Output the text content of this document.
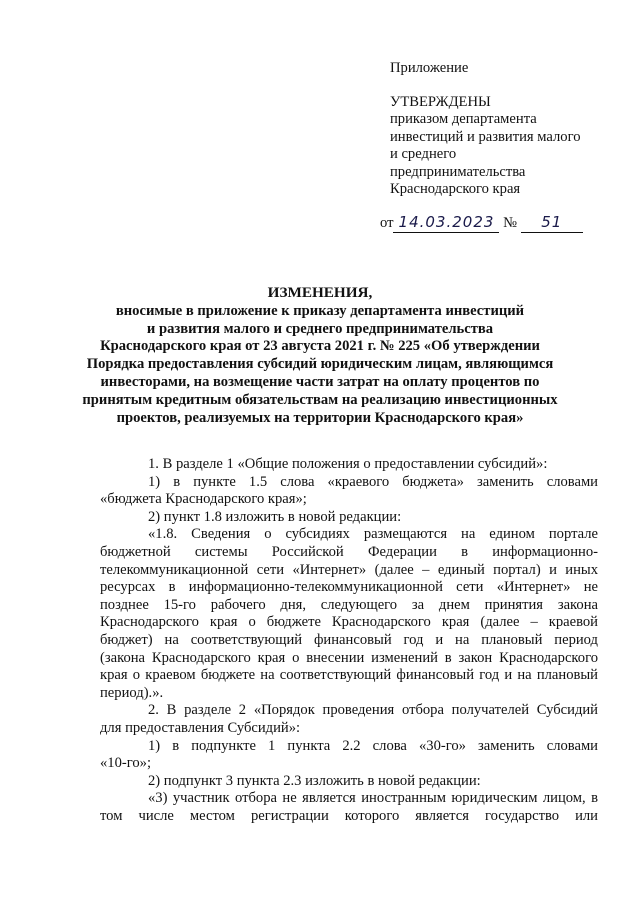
Приложение
УТВЕРЖДЕНЫ
приказом департамента
инвестиций и развития малого
и среднего
предпринимательства
Краснодарского края
от 14.03.2023 № 51
ИЗМЕНЕНИЯ,
вносимые в приложение к приказу департамента инвестиций
и развития малого и среднего предпринимательства
Краснодарского края от 23 августа 2021 г. № 225 «Об утверждении
Порядка предоставления субсидий юридическим лицам, являющимся
инвесторами, на возмещение части затрат на оплату процентов по
принятым кредитным обязательствам на реализацию инвестиционных
проектов, реализуемых на территории Краснодарского края»

1. В разделе 1 «Общие положения о предоставлении субсидий»:

1) в пункте 1.5 слова «краевого бюджета» заменить словами

«бюджета Краснодарского края»;

2) пункт 1.8 изложить в новой редакции:

«1.8. Сведения о субсидиях размещаются на едином портале

бюджетной системы Российской Федерации в информационно-

телекоммуникационной сети «Интернет» (далее – единый портал) и иных

ресурсах в информационно-телекоммуникационной сети «Интернет» не

позднее 15-го рабочего дня, следующего за днем принятия закона

Краснодарского края о бюджете Краснодарского края (далее – краевой

бюджет) на соответствующий финансовый год и на плановый период

(закона Краснодарского края о внесении изменений в закон Краснодарского

края о краевом бюджете на соответствующий финансовый год и на плановый

период).».

2. В разделе 2 «Порядок проведения отбора получателей Субсидий

для предоставления Субсидий»:

1) в подпункте 1 пункта 2.2 слова «30-го» заменить словами

«10-го»;

2) подпункт 3 пункта 2.3 изложить в новой редакции:

«3) участник отбора не является иностранным юридическим лицом, в

том числе местом регистрации которого является государство или
